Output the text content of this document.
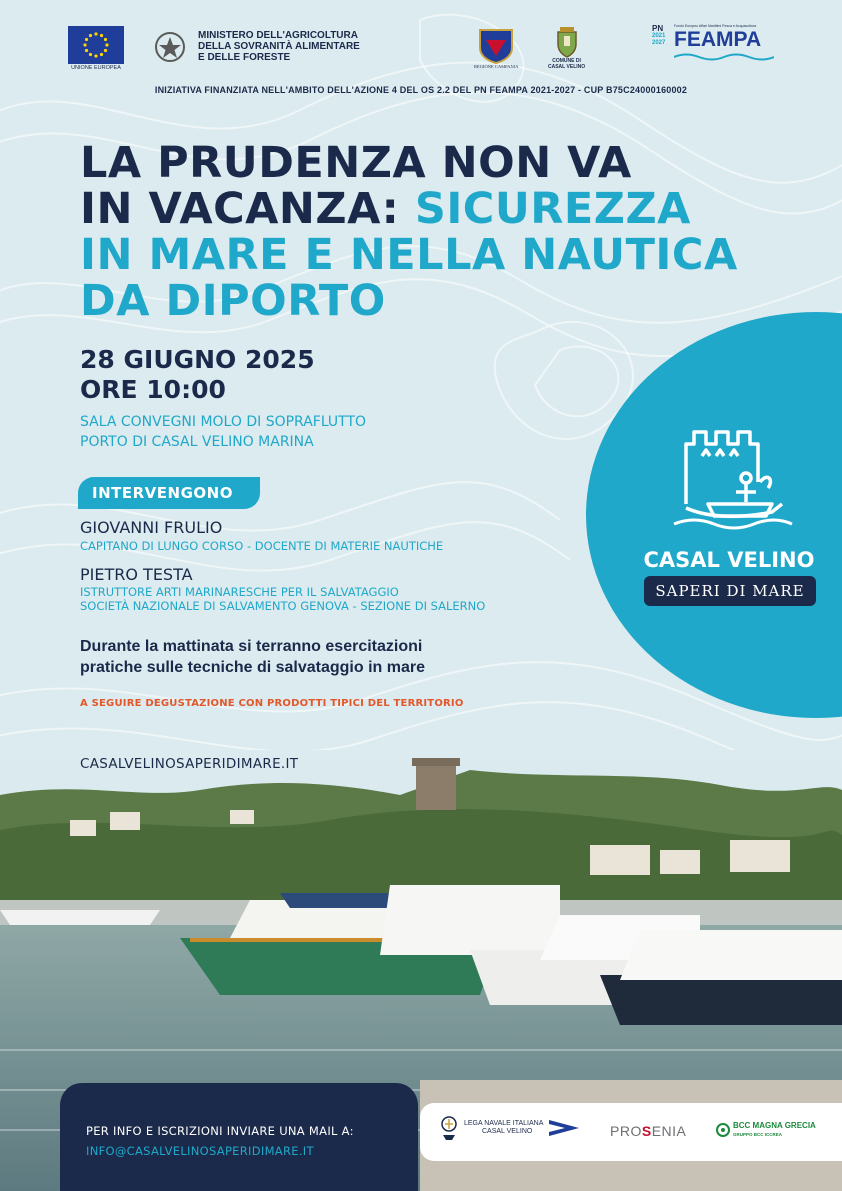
UNIONE EUROPEA
MINISTERO DELL'AGRICOLTURA
DELLA SOVRANITÀ ALIMENTARE
E DELLE FORESTE
REGIONE CAMPANIA
COMUNE DI
CASAL VELINO
PN
2021 2027
Fondo Europeo Affari Marittimi Pesca e Acquacoltura
FEAMPA
INIZIATIVA FINANZIATA NELL'AMBITO DELL'AZIONE 4 DEL OS 2.2 DEL PN FEAMPA 2021-2027 - CUP B75C24000160002
LA PRUDENZA NON VA
IN VACANZA: SICUREZZA
IN MARE E NELLA NAUTICA
DA DIPORTO
28 GIUGNO 2025
ORE 10:00
SALA CONVEGNI MOLO DI SOPRAFLUTTO
PORTO DI CASAL VELINO MARINA
INTERVENGONO
GIOVANNI FRULIO
CAPITANO DI LUNGO CORSO - DOCENTE DI MATERIE NAUTICHE
PIETRO TESTA
ISTRUTTORE ARTI MARINARESCHE PER IL SALVATAGGIO
SOCIETÀ NAZIONALE DI SALVAMENTO GENOVA - SEZIONE DI SALERNO
Durante la mattinata si terranno esercitazioni
pratiche sulle tecniche di salvataggio in mare
A SEGUIRE DEGUSTAZIONE CON PRODOTTI TIPICI DEL TERRITORIO
CASAL VELINO
SAPERI DI MARE
CASALVELINOSAPERIDIMARE.IT
PER INFO E ISCRIZIONI INVIARE UNA MAIL A:
INFO@CASALVELINOSAPERIDIMARE.IT
LEGA NAVALE ITALIANA
CASAL VELINO	PRO S ENIA	BCC MAGNA GRECIA
GRUPPO BCC ICCREA
